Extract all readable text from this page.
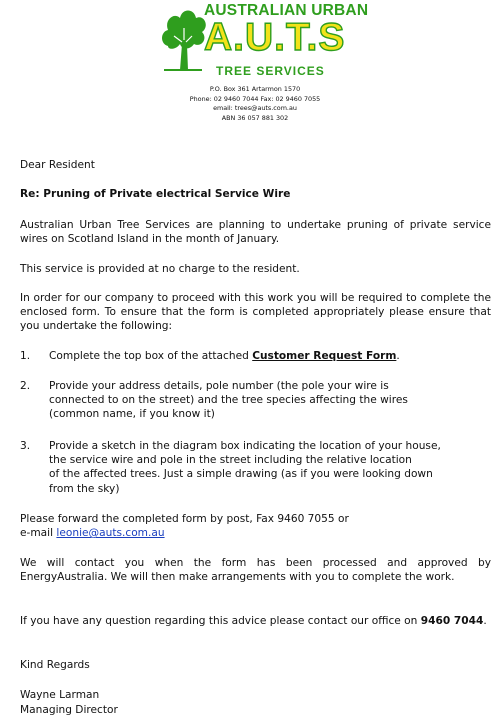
AUSTRALIAN URBAN
A.U.T.S
TREE SERVICES
P.O. Box 361 Artarmon 1570
Phone: 02 9460 7044 Fax: 02 9460 7055
email: trees@auts.com.au
ABN 36 057 881 302
Dear Resident
Re: Pruning of Private electrical Service Wire
Australian Urban Tree Services are planning to undertake pruning of private service wires on Scotland Island in the month of January.
This service is provided at no charge to the resident.
In order for our company to proceed with this work you will be required to complete the enclosed form. To ensure that the form is completed appropriately please ensure that you undertake the following:
1.	Complete the top box of the attached Customer Request Form.
2.	Provide your address details, pole number (the pole your wire is
connected to on the street) and the tree species affecting the wires
(common name, if you know it)
3.	Provide a sketch in the diagram box indicating the location of your house,
the service wire and pole in the street including the relative location
of the affected trees. Just a simple drawing (as if you were looking down
from the sky)
Please forward the completed form by post, Fax 9460 7055 or
e-mail leonie@auts.com.au
We will contact you when the form has been processed and approved by EnergyAustralia. We will then make arrangements with you to complete the work.
If you have any question regarding this advice please contact our office on 9460 7044.
Kind Regards
Wayne Larman
Managing Director
